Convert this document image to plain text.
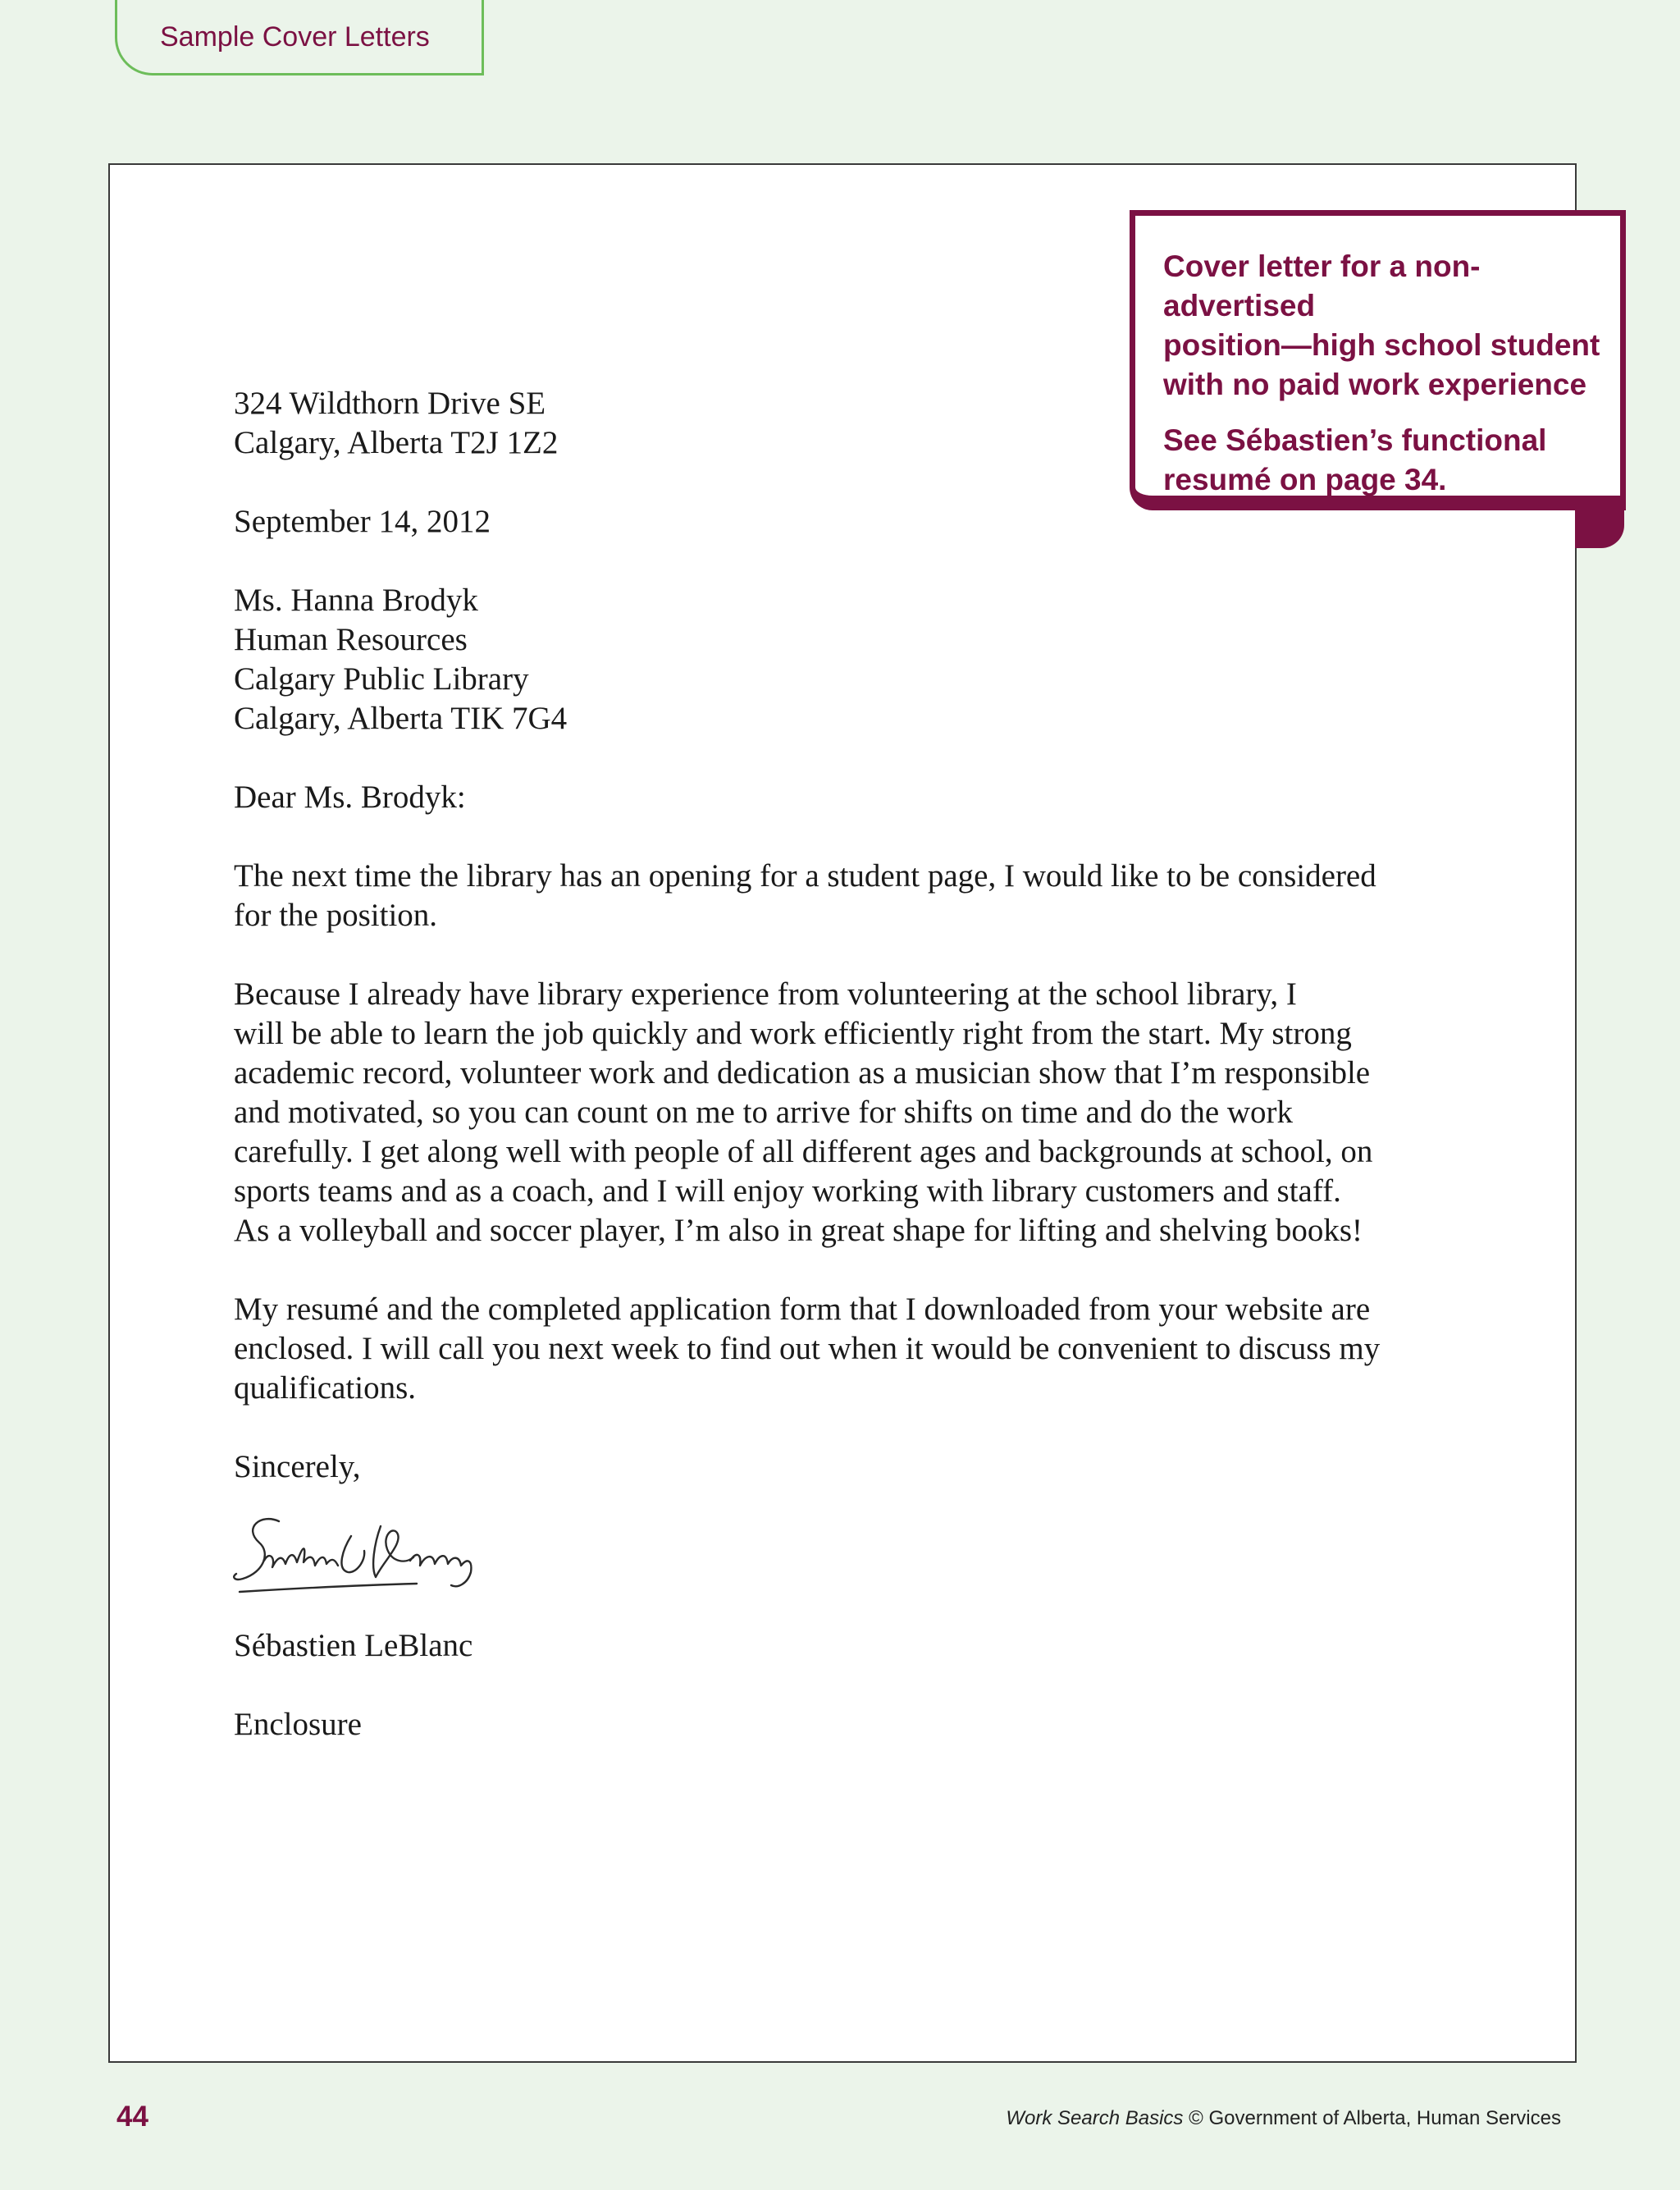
Sample Cover Letters

Cover letter for a non-advertised
position—high school student
with no paid work experience

See Sébastien’s functional
resumé on page 34.

324 Wildthorn Drive SE
Calgary, Alberta T2J 1Z2
September 14, 2012
Ms. Hanna Brodyk
Human Resources
Calgary Public Library
Calgary, Alberta TIK 7G4
Dear Ms. Brodyk:
The next time the library has an opening for a student page, I would like to be considered
for the position.
Because I already have library experience from volunteering at the school library, I
will be able to learn the job quickly and work efficiently right from the start. My strong
academic record, volunteer work and dedication as a musician show that I’m responsible
and motivated, so you can count on me to arrive for shifts on time and do the work
carefully. I get along well with people of all different ages and backgrounds at school, on
sports teams and as a coach, and I will enjoy working with library customers and staff.
As a volleyball and soccer player, I’m also in great shape for lifting and shelving books!
My resumé and the completed application form that I downloaded from your website are
enclosed. I will call you next week to find out when it would be convenient to discuss my
qualifications.
Sincerely,
Sébastien LeBlanc
Enclosure
44	Work Search Basics © Government of Alberta, Human Services
